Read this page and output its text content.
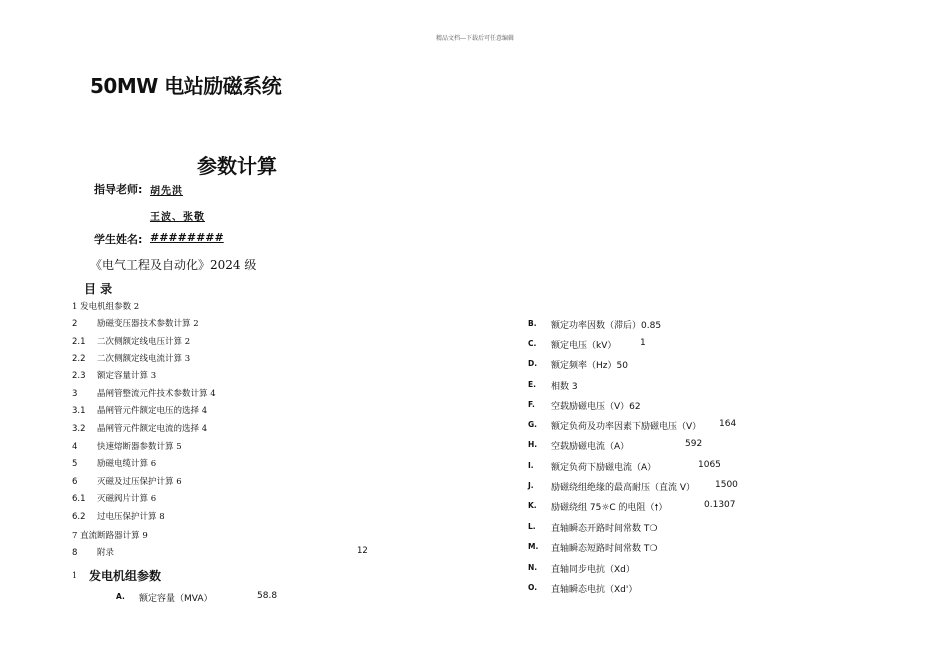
精品文档---下载后可任意编辑
50MW 电站励磁系统
参数计算
指导老师: 胡先洪
王波、张敬
学生姓名: ########
《电气工程及自动化》2024 级
目 录
1 发电机组参数 2
2 励磁变压器技术参数计算 2
2.1 二次侧额定线电压计算 2
2.2 二次侧额定线电流计算 3
2.3 额定容量计算 3
3 晶闸管整流元件技术参数计算 4
3.1 晶闸管元件额定电压的选择 4
3.2 晶闸管元件额定电流的选择 4
4 快速熔断器参数计算 5
5 励磁电缆计算 6
6 灭磁及过压保护计算 6
6.1 灭磁阀片计算 6
6.2 过电压保护计算 8
7 直流断路器计算 9
8 附录	12
1 发电机组参数
A. 额定容量（MVA）	58.8
B. 额定功率因数（滞后）0.85
C. 额定电压（kV）	1
D. 额定频率（Hz）50
E. 相数 3
F. 空载励磁电压（V）62
G. 额定负荷及功率因素下励磁电压（V） 164
H. 空载励磁电流（A）	592
I. 额定负荷下励磁电流（A）	1065
J. 励磁绕组绝缘的最高耐压（直流 V） 1500
K. 励磁绕组 75☼C 的电阻（🠕）	0.1307
L. 直轴瞬态开路时间常数 T❍
M. 直轴瞬态短路时间常数 T❍
N. 直轴同步电抗（Xd）
O. 直轴瞬态电抗（Xd'）
